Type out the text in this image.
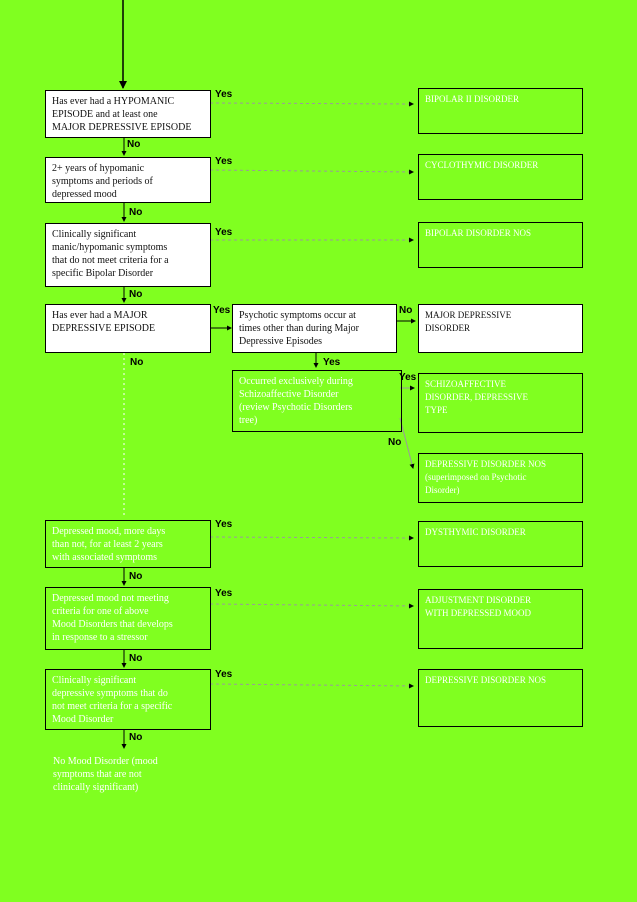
Has ever had a HYPOMANIC
EPISODE and at least one
MAJOR DEPRESSIVE EPISODE
2+ years of hypomanic
symptoms and periods of
depressed mood
Clinically significant
manic/hypomanic symptoms
that do not meet criteria for a
specific Bipolar Disorder
Has ever had a MAJOR
DEPRESSIVE EPISODE
Psychotic symptoms occur at
times other than during Major
Depressive Episodes
Occurred exclusively during
Schizoaffective Disorder
(review Psychotic Disorders
tree)
Depressed mood, more days
than not, for at least 2 years
with associated symptoms
Depressed mood not meeting
criteria for one of above
Mood Disorders that develops
in response to a stressor
Clinically significant
depressive symptoms that do
not meet criteria for a specific
Mood Disorder
BIPOLAR II DISORDER
CYCLOTHYMIC DISORDER
BIPOLAR DISORDER NOS
MAJOR DEPRESSIVE
DISORDER
SCHIZOAFFECTIVE
DISORDER, DEPRESSIVE
TYPE
DEPRESSIVE DISORDER NOS
(superimposed on Psychotic
Disorder)
DYSTHYMIC DISORDER
ADJUSTMENT DISORDER
WITH DEPRESSED MOOD
DEPRESSIVE DISORDER NOS
No Mood Disorder (mood
symptoms that are not
clinically significant)
Yes
No
Yes
No
Yes
No
Yes	No
Yes
No
Yes
No
Yes
No
Yes
No
Yes
No
